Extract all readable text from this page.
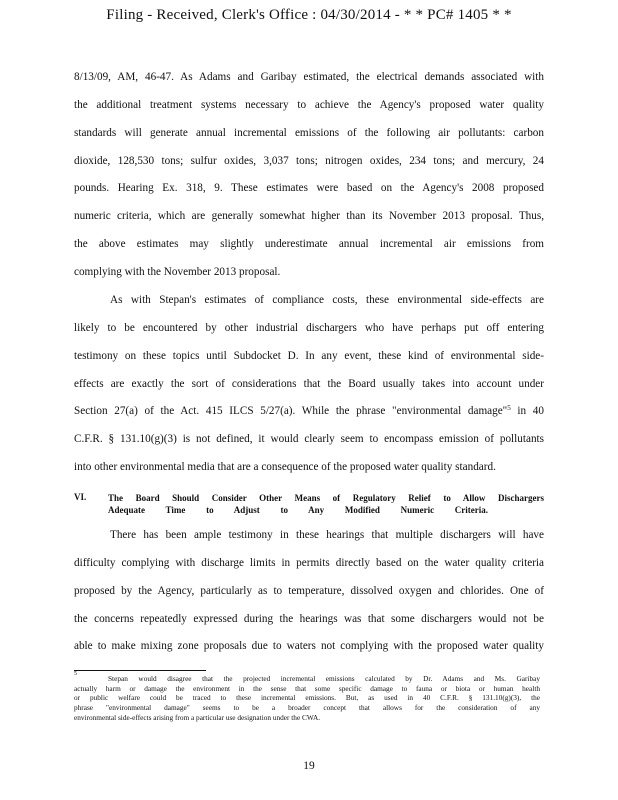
Filing - Received, Clerk's Office : 04/30/2014 - * * PC# 1405 * *
8/13/09, AM, 46-47. As Adams and Garibay estimated, the electrical demands associated with
the additional treatment systems necessary to achieve the Agency's proposed water quality
standards will generate annual incremental emissions of the following air pollutants: carbon
dioxide, 128,530 tons; sulfur oxides, 3,037 tons; nitrogen oxides, 234 tons; and mercury, 24
pounds. Hearing Ex. 318, 9. These estimates were based on the Agency's 2008 proposed
numeric criteria, which are generally somewhat higher than its November 2013 proposal. Thus,
the above estimates may slightly underestimate annual incremental air emissions from
complying with the November 2013 proposal.
As with Stepan's estimates of compliance costs, these environmental side-effects are
likely to be encountered by other industrial dischargers who have perhaps put off entering
testimony on these topics until Subdocket D. In any event, these kind of environmental side-
effects are exactly the sort of considerations that the Board usually takes into account under
Section 27(a) of the Act. 415 ILCS 5/27(a). While the phrase "environmental damage"$^5$ in 40
C.F.R. § 131.10(g)(3) is not defined, it would clearly seem to encompass emission of pollutants
into other environmental media that are a consequence of the proposed water quality standard.
VI. The Board Should Consider Other Means of Regulatory Relief to Allow Dischargers
Adequate Time to Adjust to Any Modified Numeric Criteria.
There has been ample testimony in these hearings that multiple dischargers will have
difficulty complying with discharge limits in permits directly based on the water quality criteria
proposed by the Agency, particularly as to temperature, dissolved oxygen and chlorides. One of
the concerns repeatedly expressed during the hearings was that some dischargers would not be
able to make mixing zone proposals due to waters not complying with the proposed water quality
5	Stepan would disagree that the projected incremental emissions calculated by Dr. Adams and Ms. Garibay
actually harm or damage the environment in the sense that some specific damage to fauna or biota or human health
or public welfare could be traced to these incremental emissions. But, as used in 40 C.F.R. § 131.10(g)(3), the
phrase "environmental damage" seems to be a broader concept that allows for the consideration of any
environmental side-effects arising from a particular use designation under the CWA.
19
